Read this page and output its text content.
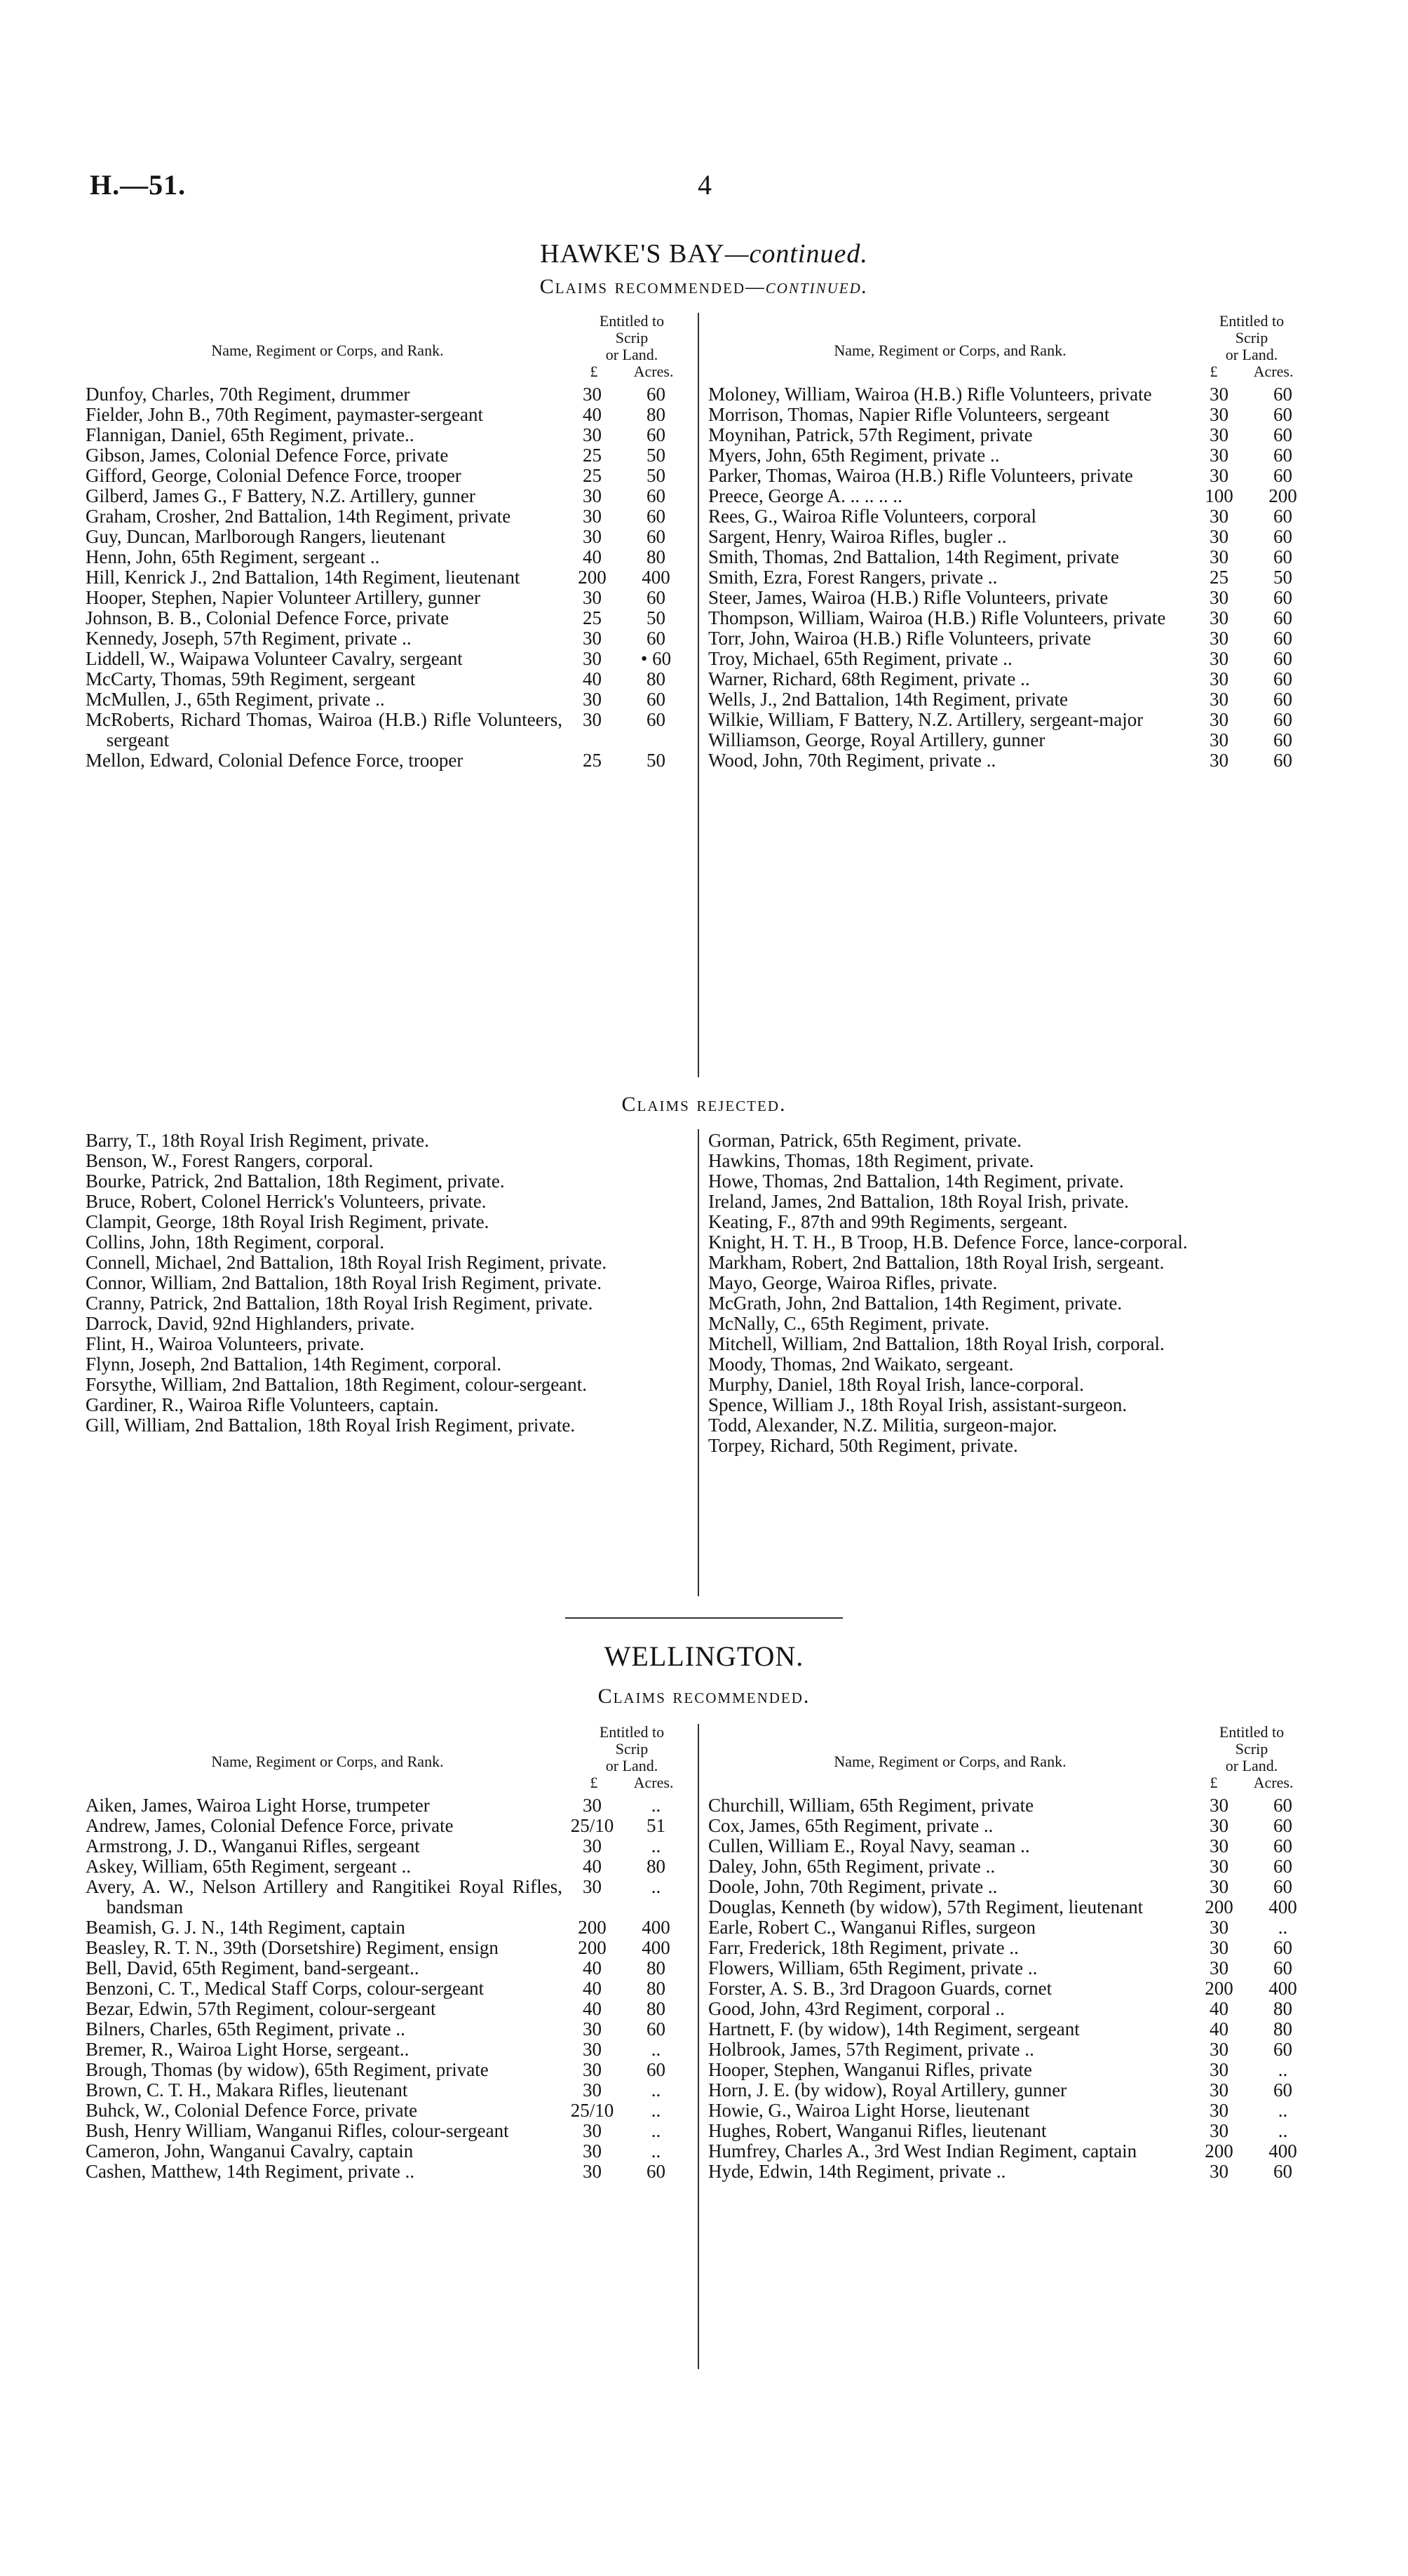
H.—51.	4
HAWKE'S BAY—continued.
Claims recommended—continued.
Name, Regiment or Corps, and Rank.
Entitled to
Scrip
or Land.
£ Acres.
Name, Regiment or Corps, and Rank.
Entitled to
Scrip
or Land.
£ Acres.
Dunfoy, Charles, 70th Regiment, drummer	30	60
Fielder, John B., 70th Regiment, paymaster-sergeant	40	80
Flannigan, Daniel, 65th Regiment, private..	30	60
Gibson, James, Colonial Defence Force, private	25	50
Gifford, George, Colonial Defence Force, trooper	25	50
Gilberd, James G., F Battery, N.Z. Artillery, gunner	30	60
Graham, Crosher, 2nd Battalion, 14th Regiment, private	30	60
Guy, Duncan, Marlborough Rangers, lieutenant	30	60
Henn, John, 65th Regiment, sergeant ..	40	80
Hill, Kenrick J., 2nd Battalion, 14th Regiment, lieutenant	200	400
Hooper, Stephen, Napier Volunteer Artillery, gunner	30	60
Johnson, B. B., Colonial Defence Force, private	25	50
Kennedy, Joseph, 57th Regiment, private ..	30	60
Liddell, W., Waipawa Volunteer Cavalry, sergeant	30	• 60
McCarty, Thomas, 59th Regiment, sergeant	40	80
McMullen, J., 65th Regiment, private ..	30	60
McRoberts, Richard Thomas, Wairoa (H.B.) Rifle Volunteers, sergeant	30	60
Mellon, Edward, Colonial Defence Force, trooper	25	50
Moloney, William, Wairoa (H.B.) Rifle Volunteers, private	30	60
Morrison, Thomas, Napier Rifle Volunteers, sergeant	30	60
Moynihan, Patrick, 57th Regiment, private	30	60
Myers, John, 65th Regiment, private ..	30	60
Parker, Thomas, Wairoa (H.B.) Rifle Volunteers, private	30	60
Preece, George A. .. .. .. ..	100	200
Rees, G., Wairoa Rifle Volunteers, corporal	30	60
Sargent, Henry, Wairoa Rifles, bugler ..	30	60
Smith, Thomas, 2nd Battalion, 14th Regiment, private	30	60
Smith, Ezra, Forest Rangers, private ..	25	50
Steer, James, Wairoa (H.B.) Rifle Volunteers, private	30	60
Thompson, William, Wairoa (H.B.) Rifle Volunteers, private	30	60
Torr, John, Wairoa (H.B.) Rifle Volunteers, private	30	60
Troy, Michael, 65th Regiment, private ..	30	60
Warner, Richard, 68th Regiment, private ..	30	60
Wells, J., 2nd Battalion, 14th Regiment, private	30	60
Wilkie, William, F Battery, N.Z. Artillery, sergeant-major	30	60
Williamson, George, Royal Artillery, gunner	30	60
Wood, John, 70th Regiment, private ..	30	60
Claims rejected.
Barry, T., 18th Royal Irish Regiment, private.
Benson, W., Forest Rangers, corporal.
Bourke, Patrick, 2nd Battalion, 18th Regiment, private.
Bruce, Robert, Colonel Herrick's Volunteers, private.
Clampit, George, 18th Royal Irish Regiment, private.
Collins, John, 18th Regiment, corporal.
Connell, Michael, 2nd Battalion, 18th Royal Irish Regiment, private.
Connor, William, 2nd Battalion, 18th Royal Irish Regiment, private.
Cranny, Patrick, 2nd Battalion, 18th Royal Irish Regiment, private.
Darrock, David, 92nd Highlanders, private.
Flint, H., Wairoa Volunteers, private.
Flynn, Joseph, 2nd Battalion, 14th Regiment, corporal.
Forsythe, William, 2nd Battalion, 18th Regiment, colour-sergeant.
Gardiner, R., Wairoa Rifle Volunteers, captain.
Gill, William, 2nd Battalion, 18th Royal Irish Regiment, private.
Gorman, Patrick, 65th Regiment, private.
Hawkins, Thomas, 18th Regiment, private.
Howe, Thomas, 2nd Battalion, 14th Regiment, private.
Ireland, James, 2nd Battalion, 18th Royal Irish, private.
Keating, F., 87th and 99th Regiments, sergeant.
Knight, H. T. H., B Troop, H.B. Defence Force, lance-corporal.
Markham, Robert, 2nd Battalion, 18th Royal Irish, sergeant.
Mayo, George, Wairoa Rifles, private.
McGrath, John, 2nd Battalion, 14th Regiment, private.
McNally, C., 65th Regiment, private.
Mitchell, William, 2nd Battalion, 18th Royal Irish, corporal.
Moody, Thomas, 2nd Waikato, sergeant.
Murphy, Daniel, 18th Royal Irish, lance-corporal.
Spence, William J., 18th Royal Irish, assistant-surgeon.
Todd, Alexander, N.Z. Militia, surgeon-major.
Torpey, Richard, 50th Regiment, private.
WELLINGTON.
Claims recommended.
Name, Regiment or Corps, and Rank.
Entitled to
Scrip
or Land.
£ Acres.
Name, Regiment or Corps, and Rank.
Entitled to
Scrip
or Land.
£ Acres.
Aiken, James, Wairoa Light Horse, trumpeter	30	..
Andrew, James, Colonial Defence Force, private	25/10	51
Armstrong, J. D., Wanganui Rifles, sergeant	30	..
Askey, William, 65th Regiment, sergeant ..	40	80
Avery, A. W., Nelson Artillery and Rangitikei Royal Rifles, bandsman	30	..
Beamish, G. J. N., 14th Regiment, captain	200	400
Beasley, R. T. N., 39th (Dorsetshire) Regiment, ensign	200	400
Bell, David, 65th Regiment, band-sergeant..	40	80
Benzoni, C. T., Medical Staff Corps, colour-sergeant	40	80
Bezar, Edwin, 57th Regiment, colour-sergeant	40	80
Bilners, Charles, 65th Regiment, private ..	30	60
Bremer, R., Wairoa Light Horse, sergeant..	30	..
Brough, Thomas (by widow), 65th Regiment, private	30	60
Brown, C. T. H., Makara Rifles, lieutenant	30	..
Buhck, W., Colonial Defence Force, private	25/10	..
Bush, Henry William, Wanganui Rifles, colour-sergeant	30	..
Cameron, John, Wanganui Cavalry, captain	30	..
Cashen, Matthew, 14th Regiment, private ..	30	60
Churchill, William, 65th Regiment, private	30	60
Cox, James, 65th Regiment, private ..	30	60
Cullen, William E., Royal Navy, seaman ..	30	60
Daley, John, 65th Regiment, private ..	30	60
Doole, John, 70th Regiment, private ..	30	60
Douglas, Kenneth (by widow), 57th Regiment, lieutenant	200	400
Earle, Robert C., Wanganui Rifles, surgeon	30	..
Farr, Frederick, 18th Regiment, private ..	30	60
Flowers, William, 65th Regiment, private ..	30	60
Forster, A. S. B., 3rd Dragoon Guards, cornet	200	400
Good, John, 43rd Regiment, corporal ..	40	80
Hartnett, F. (by widow), 14th Regiment, sergeant	40	80
Holbrook, James, 57th Regiment, private ..	30	60
Hooper, Stephen, Wanganui Rifles, private	30	..
Horn, J. E. (by widow), Royal Artillery, gunner	30	60
Howie, G., Wairoa Light Horse, lieutenant	30	..
Hughes, Robert, Wanganui Rifles, lieutenant	30	..
Humfrey, Charles A., 3rd West Indian Regiment, captain	200	400
Hyde, Edwin, 14th Regiment, private ..	30	60
